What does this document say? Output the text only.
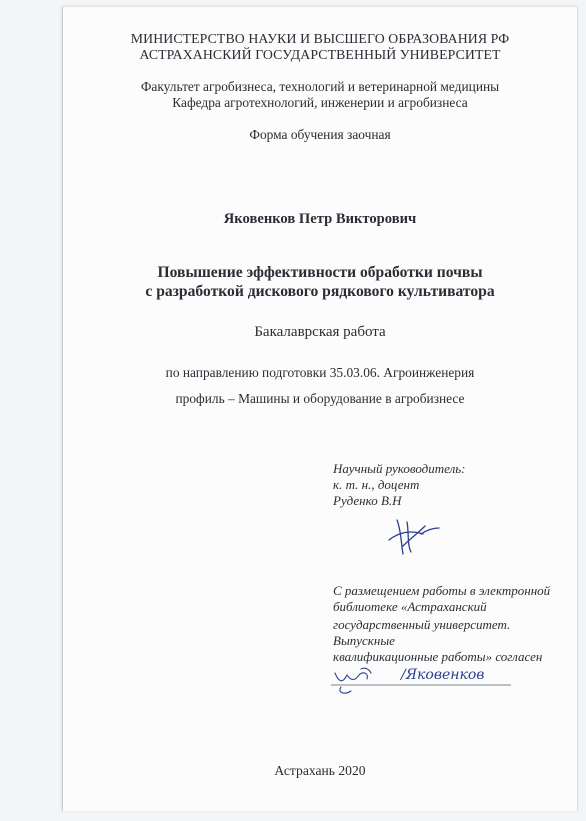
МИНИСТЕРСТВО НАУКИ И ВЫСШЕГО ОБРАЗОВАНИЯ РФ
АСТРАХАНСКИЙ ГОСУДАРСТВЕННЫЙ УНИВЕРСИТЕТ
Факультет агробизнеса, технологий и ветеринарной медицины
Кафедра агротехнологий, инженерии и агробизнеса
Форма обучения заочная
Яковенков Петр Викторович
Повышение эффективности обработки почвы
с разработкой дискового рядкового культиватора
Бакалаврская работа
по направлению подготовки 35.03.06. Агроинженерия
профиль – Машины и оборудование в агробизнесе
Научный руководитель:
к. т. н., доцент
Руденко В.Н
С размещением работы в электронной
библиотеке «Астраханский
государственный университет.
Выпускные
квалификационные работы» согласен
/Яковенков
Астрахань 2020
